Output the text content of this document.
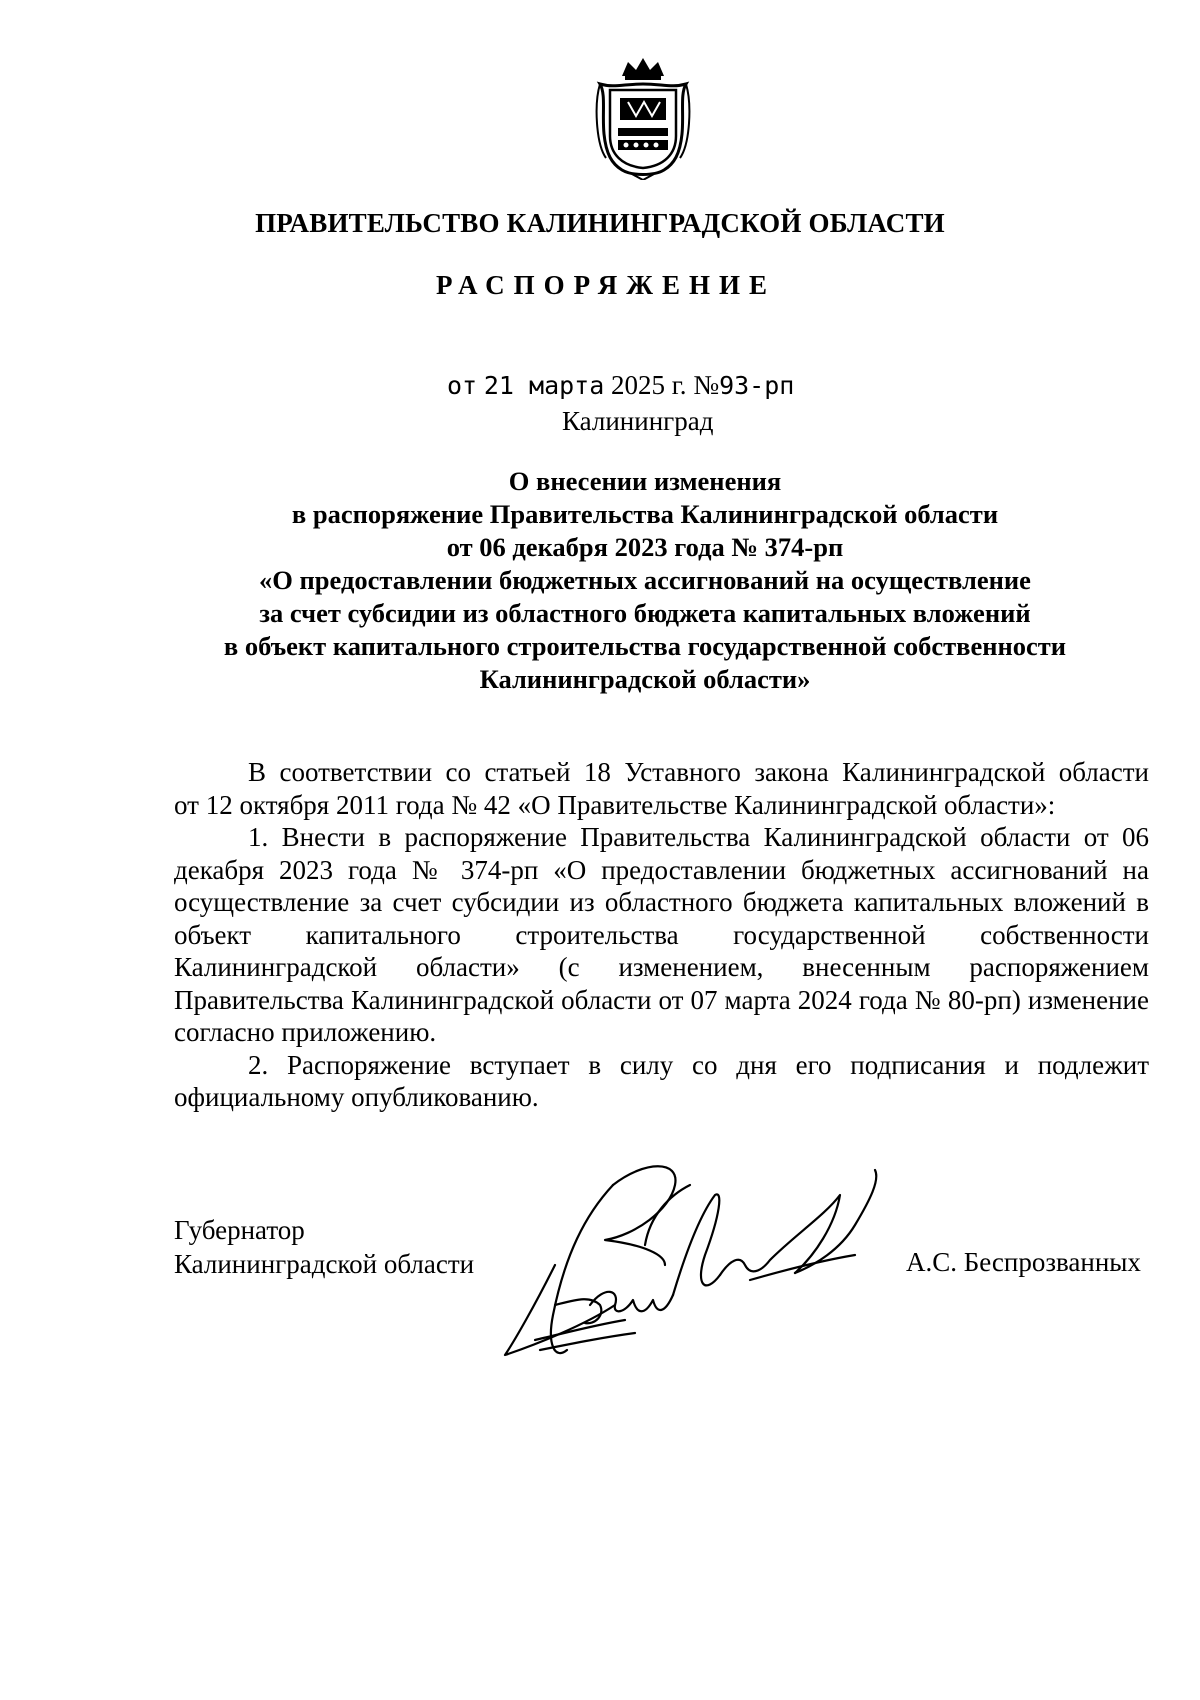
ПРАВИТЕЛЬСТВО КАЛИНИНГРАДСКОЙ ОБЛАСТИ
РАСПОРЯЖЕНИЕ
от 21 марта 2025 г. №93-рп
Калининград
О внесении изменения
в распоряжение Правительства Калининградской области
от 06 декабря 2023 года № 374-рп
«О предоставлении бюджетных ассигнований на осуществление
за счет субсидии из областного бюджета капитальных вложений
в объект капитального строительства государственной собственности
Калининградской области»

В соответствии со статьей 18 Уставного закона Калининградской области

от 12 октября 2011 года № 42 «О Правительстве Калининградской области»:

1. Внести в распоряжение Правительства Калининградской области от 06 декабря 2023 года № 374-рп «О предоставлении бюджетных ассигнований на осуществление за счет субсидии из областного бюджета капитальных вложений в объект капитального строительства государственной собственности Калининградской области» (с изменением, внесенным распоряжением Правительства Калининградской области от 07 марта 2024 года № 80-рп) изменение согласно приложению.

2. Распоряжение вступает в силу со дня его подписания и подлежит официальному опубликованию.

Губернатор
Калининградской области	А.С. Беспрозванных
